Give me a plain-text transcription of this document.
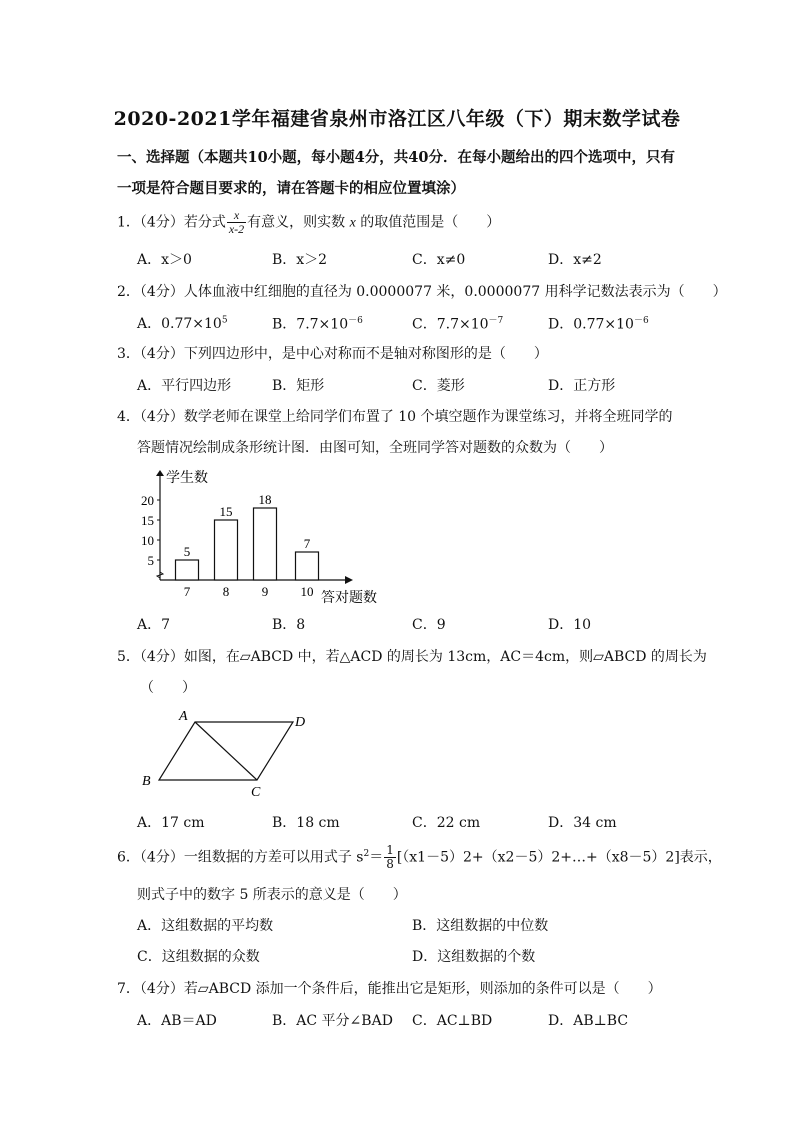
2020-2021学年福建省泉州市洛江区八年级（下）期末数学试卷
一、选择题（本题共10小题，每小题4分，共40分．在每小题给出的四个选项中，只有
一项是符合题目要求的，请在答题卡的相应位置填涂）
1．（4分）若分式 $\frac{x}{x-2}$ 有意义，则实数 x 的取值范围是（　　）
A．x＞0	B．x＞2	C．x≠0	D．x≠2
2．（4分）人体血液中红细胞的直径为 0.0000077 米，0.0000077 用科学记数法表示为（　　）
A．$0.77\times 10^5$	B．$7.7\times 10^{-6}$	C．$7.7\times 10^{-7}$	D．$0.77\times 10^{-6}$
3．（4分）下列四边形中，是中心对称而不是轴对称图形的是（　　）
A．平行四边形	B．矩形	C．菱形	D．正方形
4．（4分）数学老师在课堂上给同学们布置了 10 个填空题作为课堂练习，并将全班同学的
答题情况绘制成条形统计图．由图可知，全班同学答对题数的众数为（　　）
学生数
答对题数
5
10
15
20
5
7
15
8
18
9
7
10
A．7	B．8	C．9	D．10
5．（4分）如图，在▱ABCD 中，若△ACD 的周长为 13cm，AC＝4cm，则▱ABCD 的周长为
（　　）
A	D
B
C
A．17 cm	B．18 cm	C．22 cm	D．34 cm
6．（4分）一组数据的方差可以用式子 $s^2= \frac{1}{8}$ [（x1－5）2+（x2－5）2+…+（x8－5）2]表示，
则式子中的数字 5 所表示的意义是（　　）
A．这组数据的平均数	B．这组数据的中位数
C．这组数据的众数	D．这组数据的个数
7．（4分）若▱ABCD 添加一个条件后，能推出它是矩形，则添加的条件可以是（　　）
A．AB＝AD	B．AC 平分∠BAD C．AC⊥BD	D．AB⊥BC
